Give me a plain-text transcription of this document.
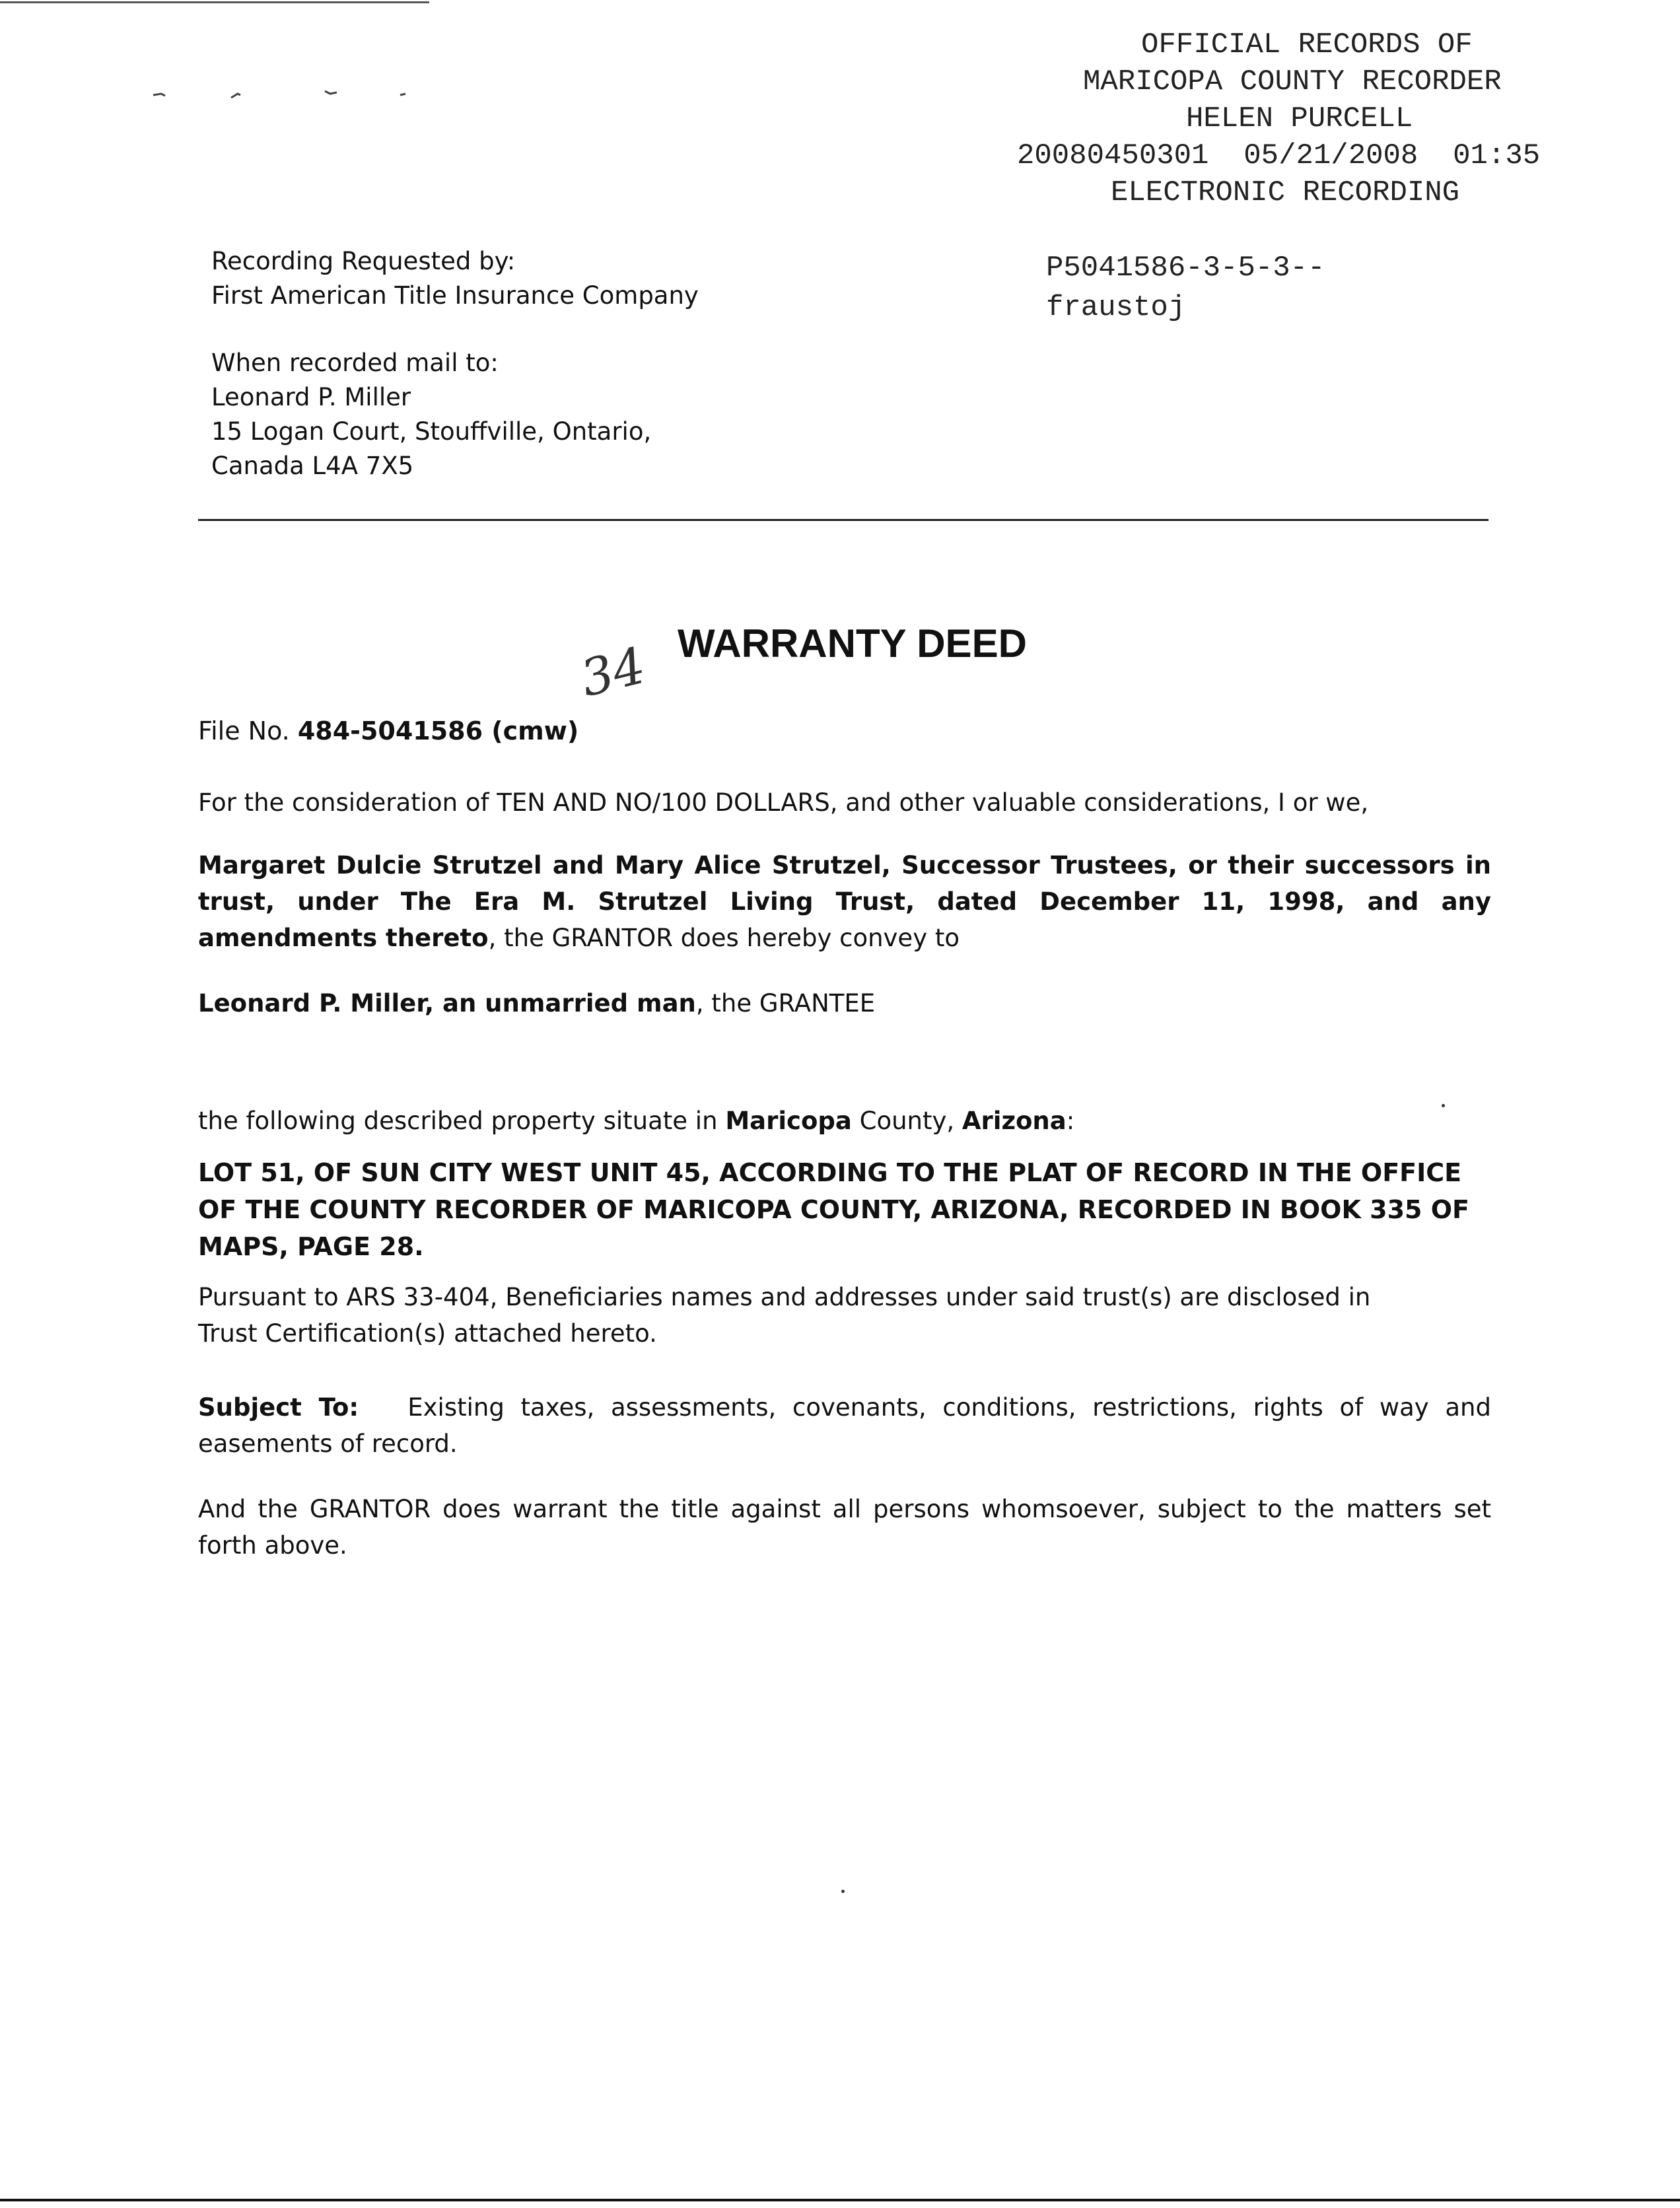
OFFICIAL RECORDS OF
MARICOPA COUNTY RECORDER
HELEN PURCELL
20080450301 05/21/2008 01:35
ELECTRONIC RECORDING
P5041586-3-5-3--
fraustoj
Recording Requested by:
First American Title Insurance Company
When recorded mail to:
Leonard P. Miller
15 Logan Court, Stouffville, Ontario,
Canada L4A 7X5
WARRANTY DEED
34
File No. 484-5041586 (cmw)
For the consideration of TEN AND NO/100 DOLLARS, and other valuable considerations, I or we,
Margaret Dulcie Strutzel and Mary Alice Strutzel, Successor Trustees, or their successors in trust, under The Era M. Strutzel Living Trust, dated December 11, 1998, and any amendments thereto, the GRANTOR does hereby convey to
Leonard P. Miller, an unmarried man, the GRANTEE
the following described property situate in Maricopa County, Arizona:
LOT 51, OF SUN CITY WEST UNIT 45, ACCORDING TO THE PLAT OF RECORD IN THE OFFICE OF THE COUNTY RECORDER OF MARICOPA COUNTY, ARIZONA, RECORDED IN BOOK 335 OF MAPS, PAGE 28.
Pursuant to ARS 33-404, Beneficiaries names and addresses under said trust(s) are disclosed in Trust Certification(s) attached hereto.
Subject To: Existing taxes, assessments, covenants, conditions, restrictions, rights of way and easements of record.
And the GRANTOR does warrant the title against all persons whomsoever, subject to the matters set forth above.
